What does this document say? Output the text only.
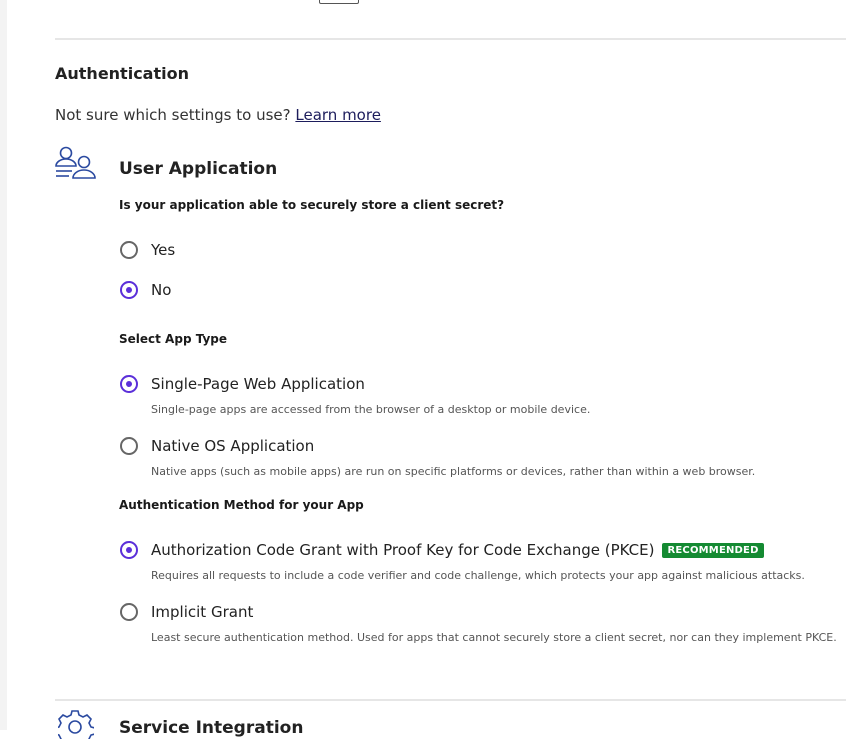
Authentication
Not sure which settings to use? Learn more
User Application
Is your application able to securely store a client secret?
Yes
No
Select App Type
Single-Page Web Application
Single-page apps are accessed from the browser of a desktop or mobile device.
Native OS Application
Native apps (such as mobile apps) are run on specific platforms or devices, rather than within a web browser.
Authentication Method for your App
Authorization Code Grant with Proof Key for Code Exchange (PKCE)	RECOMMENDED
Requires all requests to include a code verifier and code challenge, which protects your app against malicious attacks.
Implicit Grant
Least secure authentication method. Used for apps that cannot securely store a client secret, nor can they implement PKCE.
Service Integration
